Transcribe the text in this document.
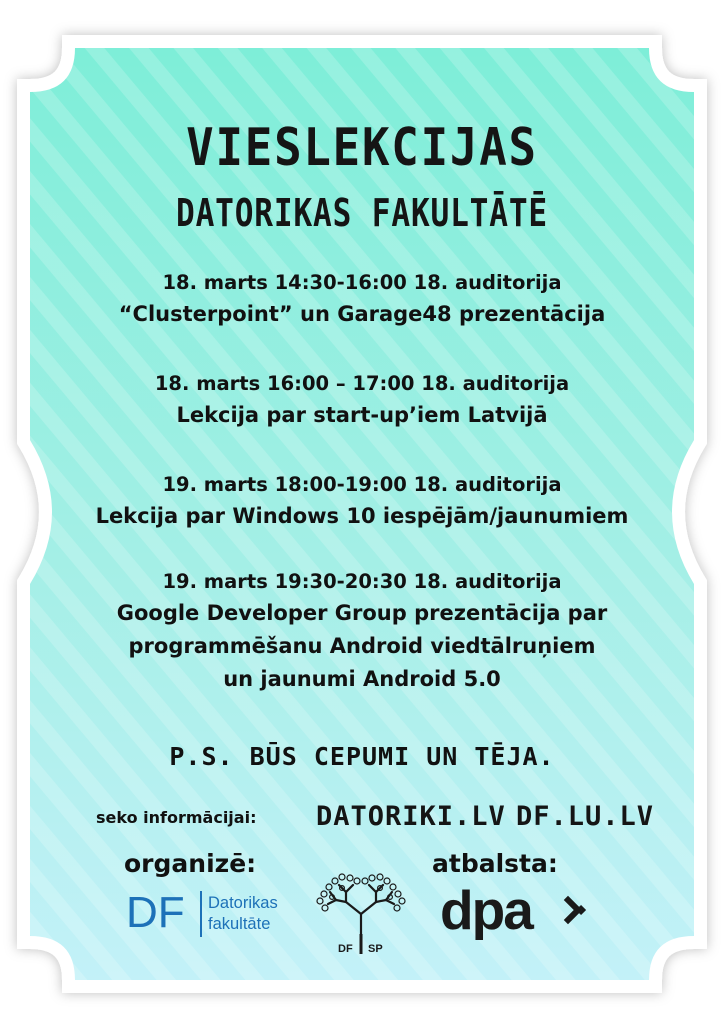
VIESLEKCIJAS
DATORIKAS FAKULTĀTĒ
18. marts 14:30-16:00 18. auditorija
“Clusterpoint” un Garage48 prezentācija
18. marts 16:00 – 17:00 18. auditorija
Lekcija par start-up’iem Latvijā
19. marts 18:00-19:00 18. auditorija
Lekcija par Windows 10 iespējām/jaunumiem
19. marts 19:30-20:30 18. auditorija
Google Developer Group prezentācija par
programmēšanu Android viedtālruņiem
un jaunumi Android 5.0
P.S. BŪS CEPUMI UN TĒJA.
seko informācijai: DATORIKI.LV DF.LU.LV
organizē:	atbalsta:
DF Datorikas
fakultāte
DF SP
dpa
